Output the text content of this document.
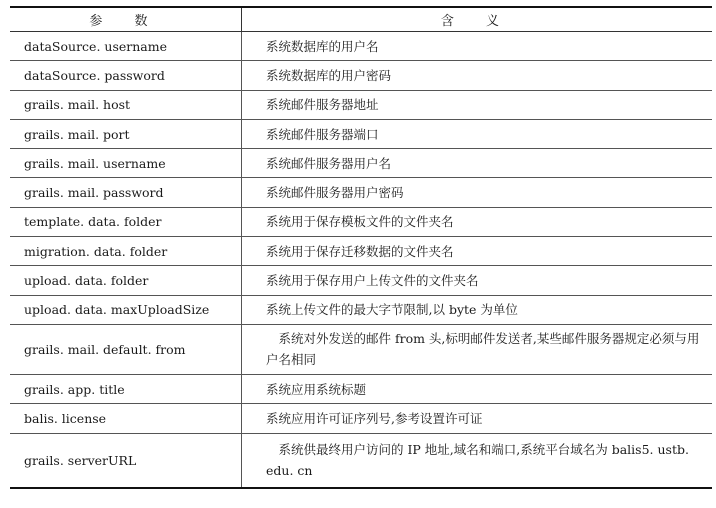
参 数	含 义
dataSource. username	系统数据库的用户名
dataSource. password	系统数据库的用户密码
grails. mail. host	系统邮件服务器地址
grails. mail. port	系统邮件服务器端口
grails. mail. username	系统邮件服务器用户名
grails. mail. password	系统邮件服务器用户密码
template. data. folder	系统用于保存模板文件的文件夹名
migration. data. folder	系统用于保存迁移数据的文件夹名
upload. data. folder	系统用于保存用户上传文件的文件夹名
upload. data. maxUploadSize	系统上传文件的最大字节限制,以 byte 为单位
grails. mail. default. from	　系统对外发送的邮件 from 头,标明邮件发送者,某些邮件服务器规定必须与用户名相同
grails. app. title	系统应用系统标题
balis. license	系统应用许可证序列号,参考设置许可证
grails. serverURL	　系统供最终用户访问的 IP 地址,域名和端口,系统平台域名为 balis5. ustb. edu. cn
